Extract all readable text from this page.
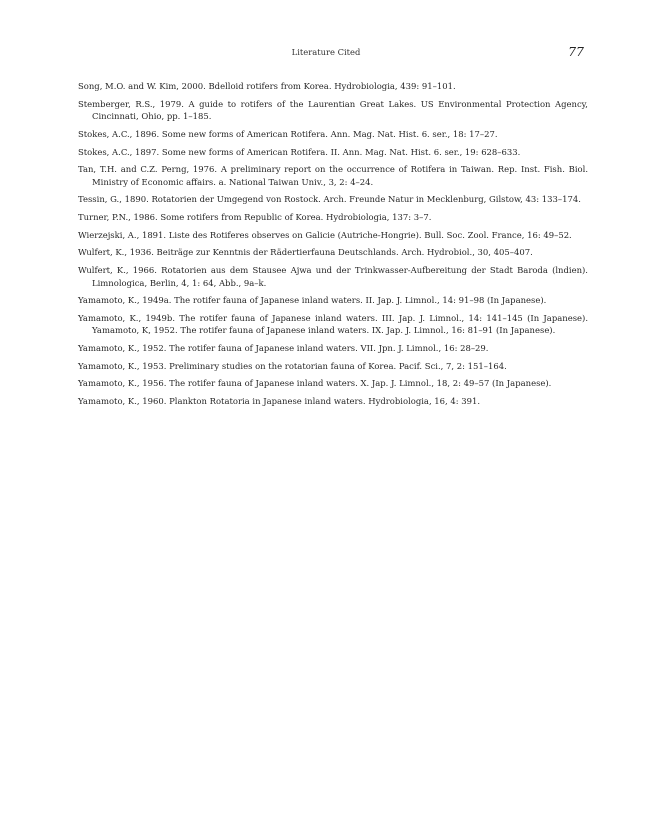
Literature Cited	77
Song, M.O. and W. Kim, 2000. Bdelloid rotifers from Korea. Hydrobiologia, 439: 91–101.
Stemberger, R.S., 1979. A guide to rotifers of the Laurentian Great Lakes. US Environmental Protection Agency, Cincinnati, Ohio, pp. 1–185.
Stokes, A.C., 1896. Some new forms of American Rotifera. Ann. Mag. Nat. Hist. 6. ser., 18: 17–27.
Stokes, A.C., 1897. Some new forms of American Rotifera. II. Ann. Mag. Nat. Hist. 6. ser., 19: 628–633.
Tan, T.H. and C.Z. Perng, 1976. A preliminary report on the occurrence of Rotifera in Taiwan. Rep. Inst. Fish. Biol. Ministry of Economic affairs. a. National Taiwan Univ., 3, 2: 4–24.
Tessin, G., 1890. Rotatorien der Umgegend von Rostock. Arch. Freunde Natur in Mecklenburg, Gilstow, 43: 133–174.
Turner, P.N., 1986. Some rotifers from Republic of Korea. Hydrobiologia, 137: 3–7.
Wierzejski, A., 1891. Liste des Rotiferes observes on Galicie (Autriche-Hongrie). Bull. Soc. Zool. France, 16: 49–52.
Wulfert, K., 1936. Beiträge zur Kenntnis der Rädertierfauna Deutschlands. Arch. Hydrobiol., 30, 405–407.
Wulfert, K., 1966. Rotatorien aus dem Stausee Ajwa und der Trinkwasser-Aufbereitung der Stadt Baroda (lndien). Limnologica, Berlin, 4, 1: 64, Abb., 9a–k.
Yamamoto, K., 1949a. The rotifer fauna of Japanese inland waters. II. Jap. J. Limnol., 14: 91–98 (In Japanese).
Yamamoto, K., 1949b. The rotifer fauna of Japanese inland waters. III. Jap. J. Limnol., 14: 141–145 (In Japanese). Yamamoto, K, 1952. The rotifer fauna of Japanese inland waters. IX. Jap. J. Limnol., 16: 81–91 (In Japanese).
Yamamoto, K., 1952. The rotifer fauna of Japanese inland waters. VII. Jpn. J. Limnol., 16: 28–29.
Yamamoto, K., 1953. Preliminary studies on the rotatorian fauna of Korea. Pacif. Sci., 7, 2: 151–164.
Yamamoto, K., 1956. The rotifer fauna of Japanese inland waters. X. Jap. J. Limnol., 18, 2: 49–57 (In Japanese).
Yamamoto, K., 1960. Plankton Rotatoria in Japanese inland waters. Hydrobiologia, 16, 4: 391.
